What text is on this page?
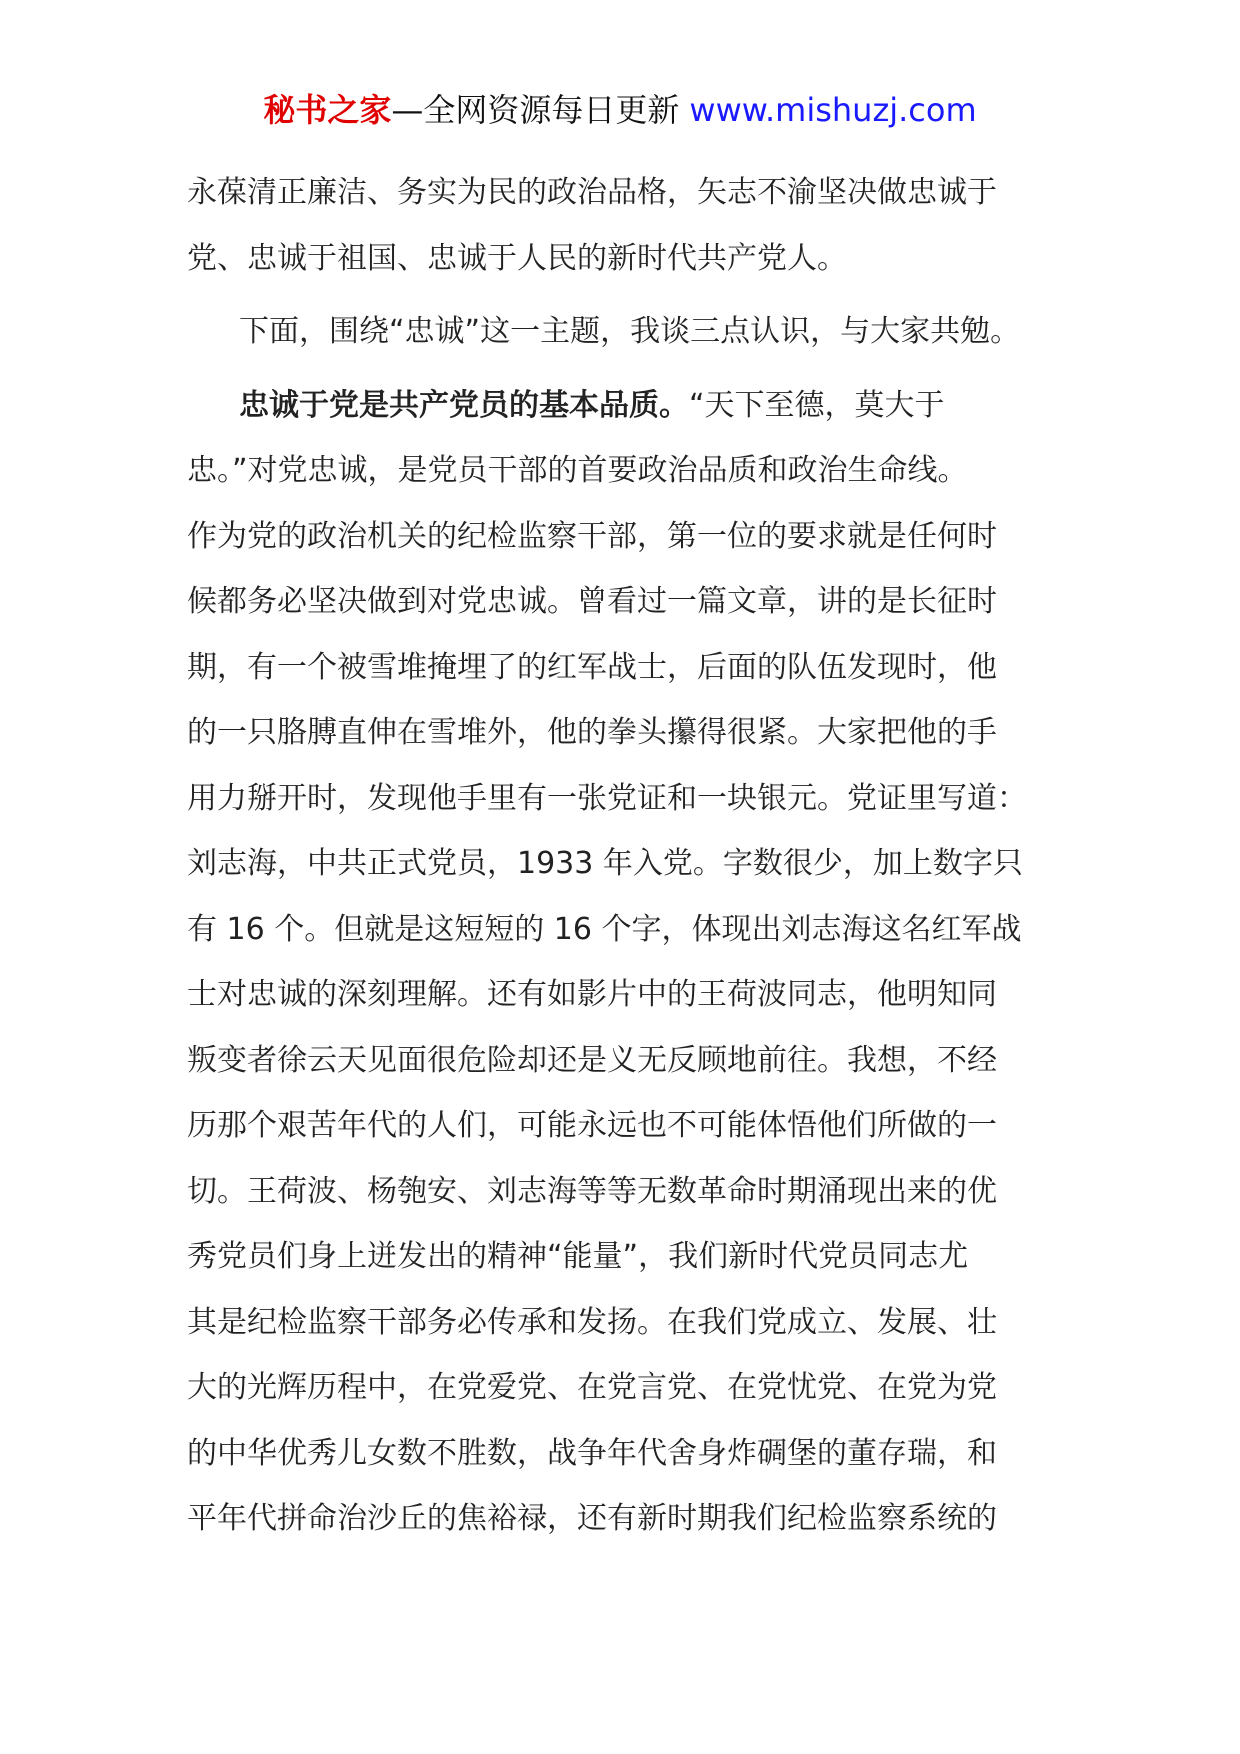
秘书之家—全网资源每日更新 www.mishuzj.com
永葆清正廉洁、务实为民的政治品格，矢志不渝坚决做忠诚于
党、忠诚于祖国、忠诚于人民的新时代共产党人。
下面，围绕“忠诚”这一主题，我谈三点认识，与大家共勉。
忠诚于党是共产党员的基本品质。“天下至德，莫大于
忠。”对党忠诚，是党员干部的首要政治品质和政治生命线。
作为党的政治机关的纪检监察干部，第一位的要求就是任何时
候都务必坚决做到对党忠诚。曾看过一篇文章，讲的是长征时
期，有一个被雪堆掩埋了的红军战士，后面的队伍发现时，他
的一只胳膊直伸在雪堆外，他的拳头攥得很紧。大家把他的手
用力掰开时，发现他手里有一张党证和一块银元。党证里写道：
刘志海，中共正式党员，1933 年入党。字数很少，加上数字只
有 16 个。但就是这短短的 16 个字，体现出刘志海这名红军战
士对忠诚的深刻理解。还有如影片中的王荷波同志，他明知同
叛变者徐云天见面很危险却还是义无反顾地前往。我想，不经
历那个艰苦年代的人们，可能永远也不可能体悟他们所做的一
切。王荷波、杨匏安、刘志海等等无数革命时期涌现出来的优
秀党员们身上迸发出的精神“能量”，我们新时代党员同志尤
其是纪检监察干部务必传承和发扬。在我们党成立、发展、壮
大的光辉历程中，在党爱党、在党言党、在党忧党、在党为党
的中华优秀儿女数不胜数，战争年代舍身炸碉堡的董存瑞，和
平年代拼命治沙丘的焦裕禄，还有新时期我们纪检监察系统的
